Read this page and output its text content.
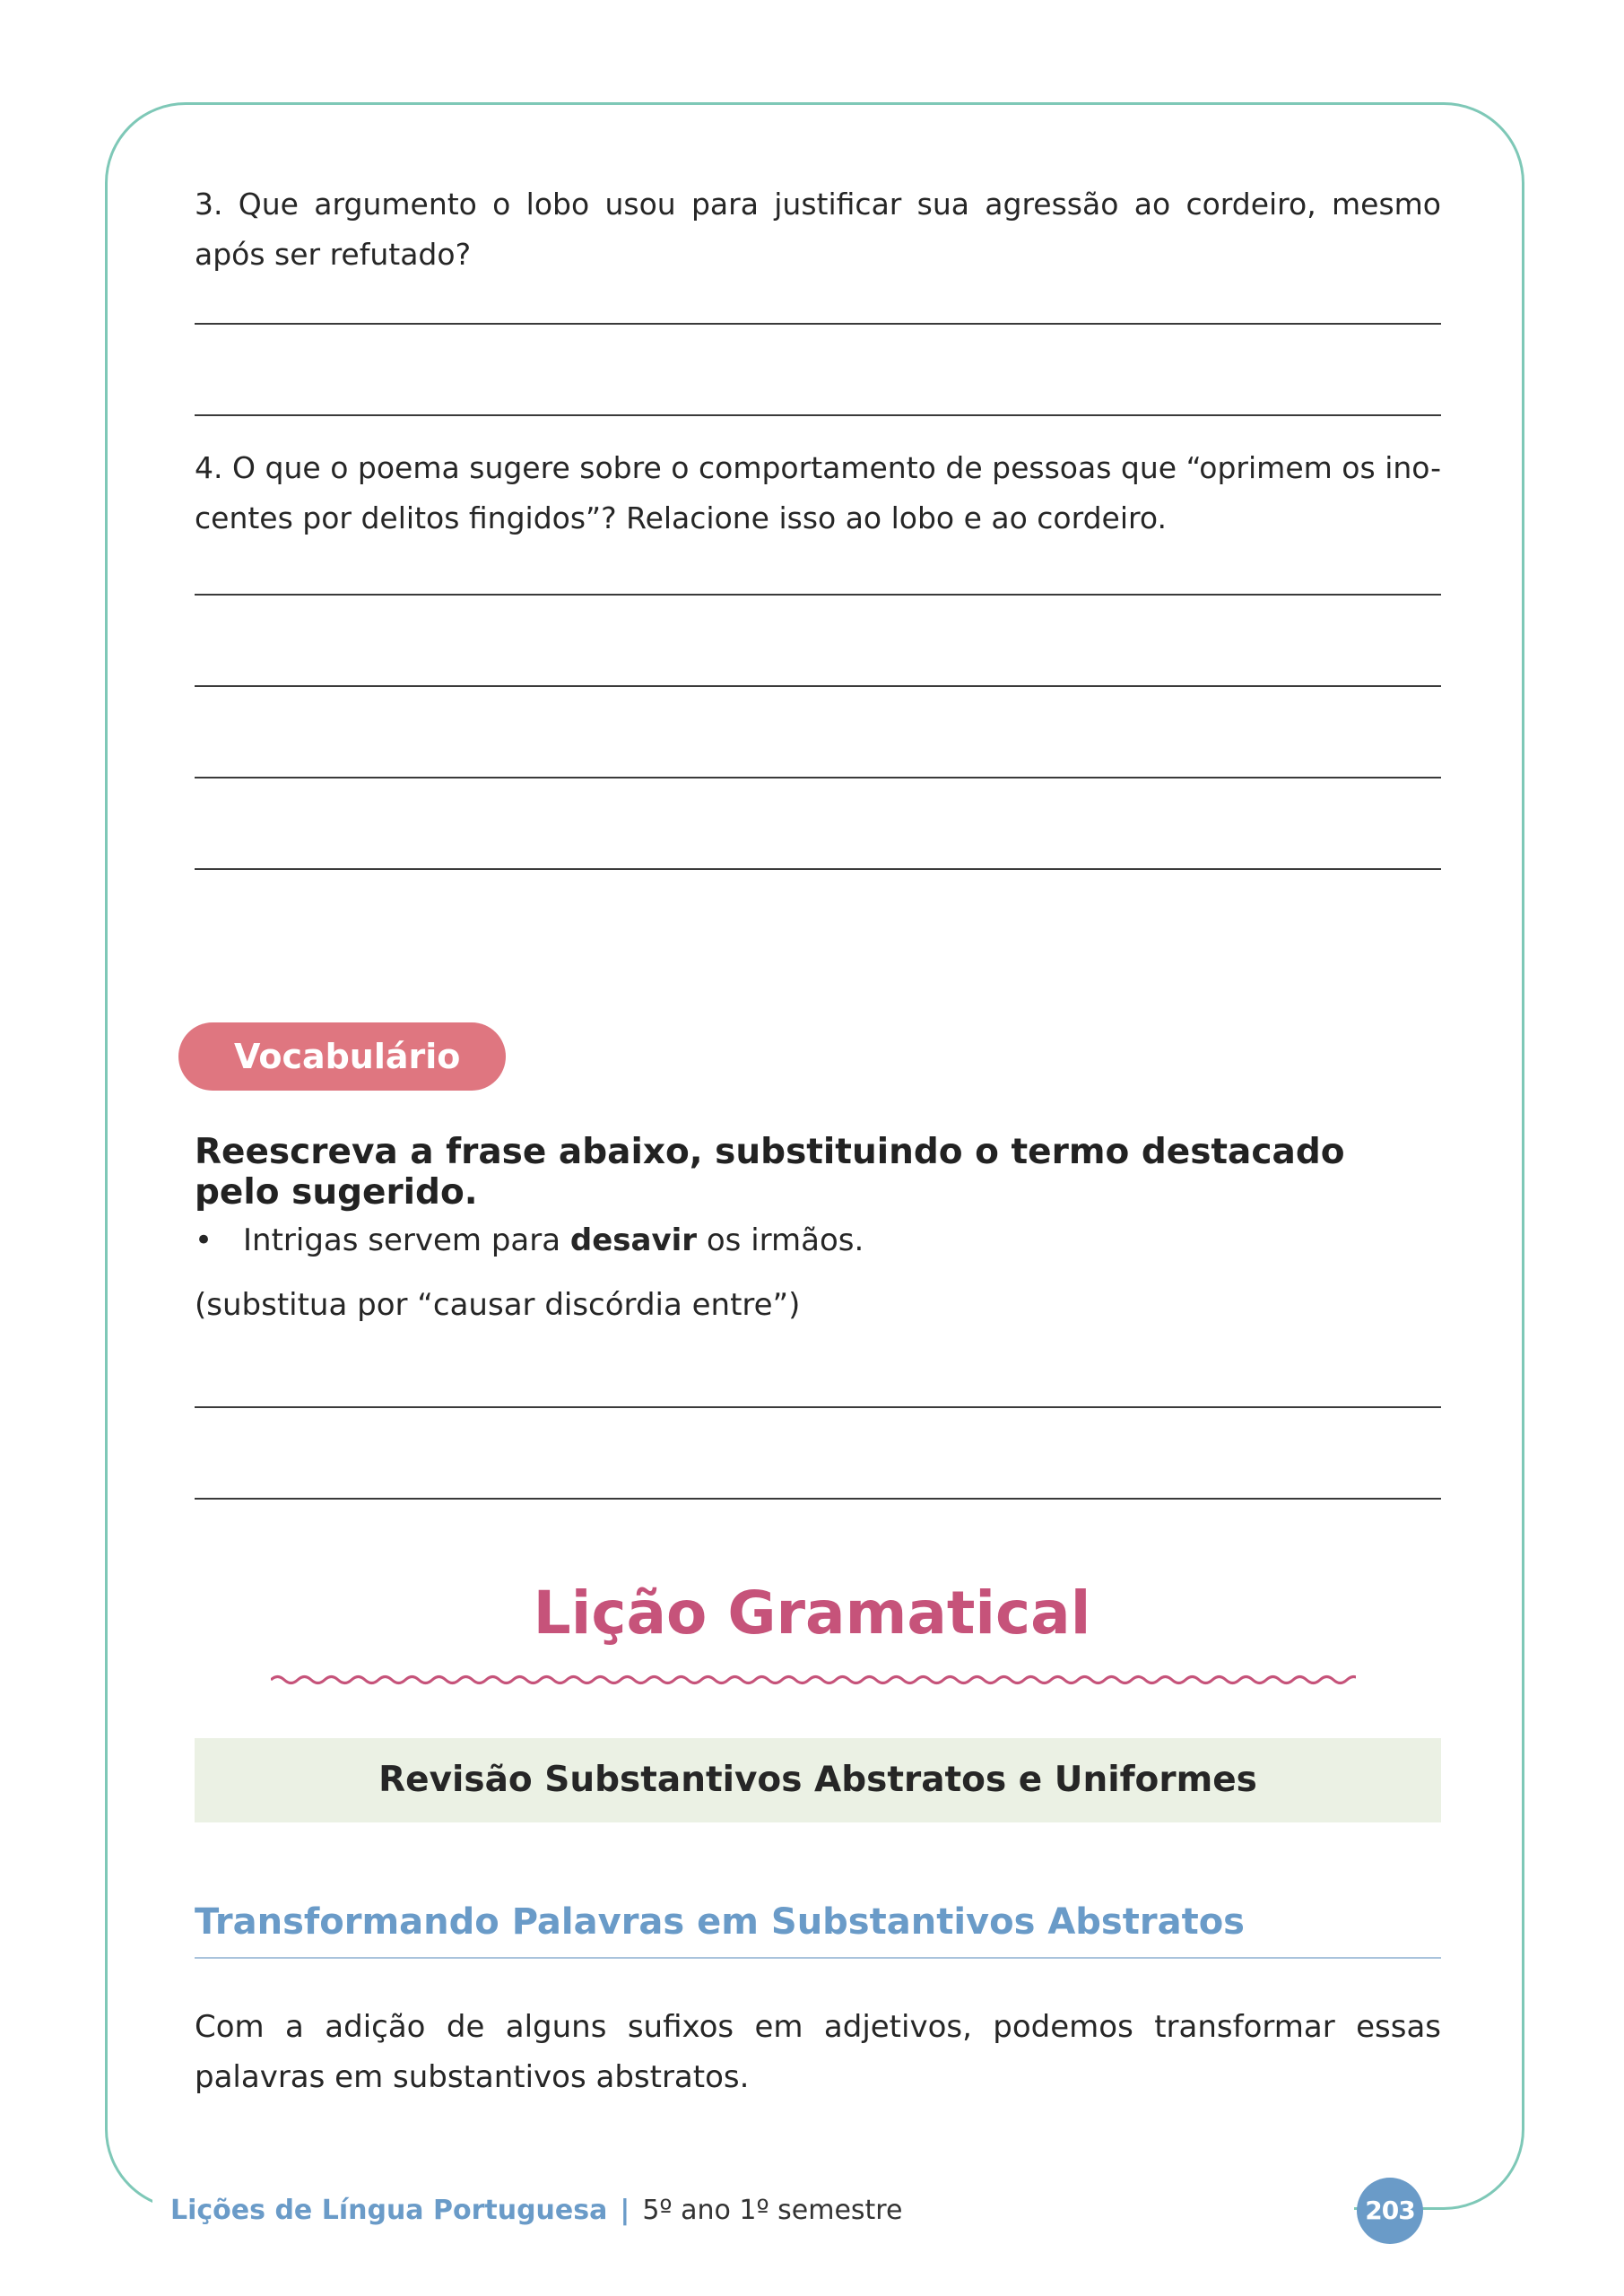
3. Que argumento o lobo usou para justificar sua agressão ao cordeiro, mesmo após ser refutado?

4. O que o poema sugere sobre o comportamento de pessoas que “oprimem os ino-centes por delitos fingidos”? Relacione isso ao lobo e ao cordeiro.

Vocabulário
Reescreva a frase abaixo, substituindo o termo destacado pelo sugerido.
• Intrigas servem para desavir os irmãos.
(substitua por “causar discórdia entre”)
Lição Gramatical
Revisão Substantivos Abstratos e Uniformes
Transformando Palavras em Substantivos Abstratos

Com a adição de alguns sufixos em adjetivos, podemos transformar essas palavras em substantivos abstratos.

Lições de Língua Portuguesa | 5º ano 1º semestre	203
